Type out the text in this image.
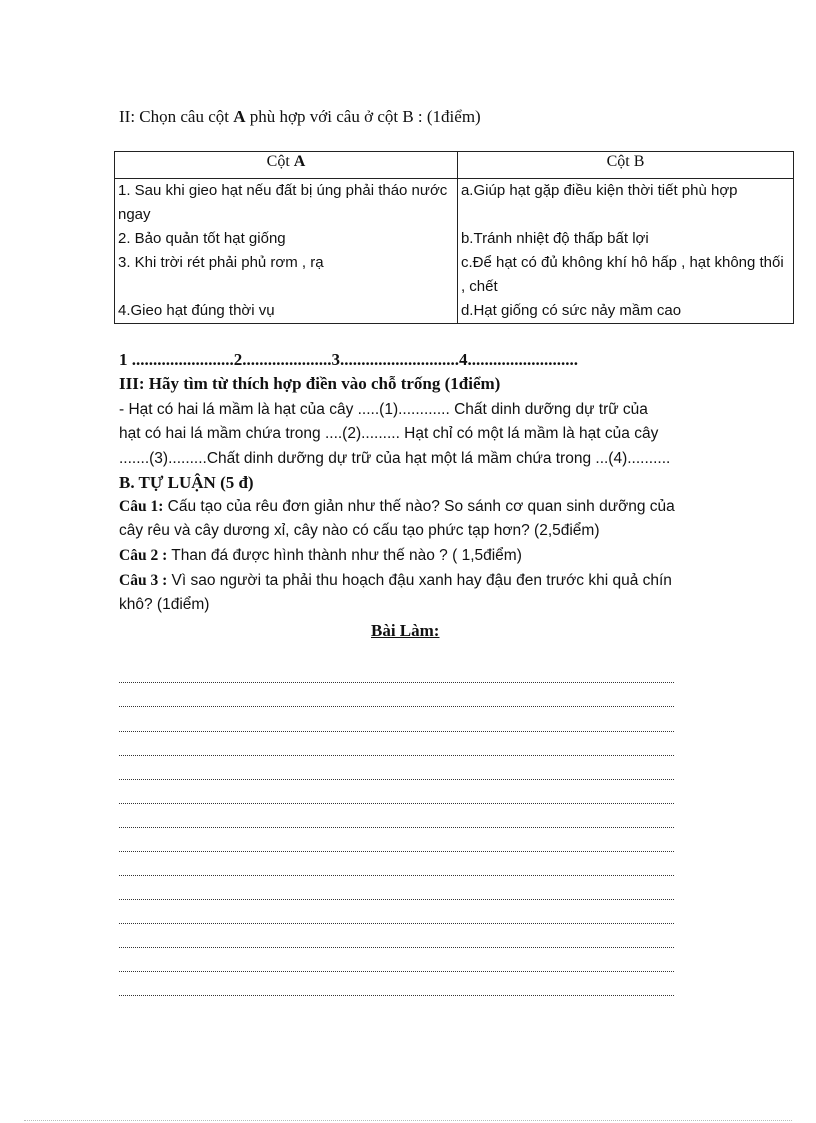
II: Chọn câu cột A phù hợp với câu ở cột B : (1điểm)
Cột A	Cột B

1. Sau khi gieo hạt nếu đất bị úng phải tháo nước ngay	a.Giúp hạt gặp điều kiện thời tiết phù hợp

2. Bảo quản tốt hạt giống	b.Tránh nhiệt độ thấp bất lợi

3. Khi trời rét phải phủ rơm , rạ	c.Để hạt có đủ không khí hô hấp , hạt không thối , chết

4.Gieo hạt đúng thời vụ	d.Hạt giống có sức nảy mầm cao
1 ........................2.....................3............................4..........................
III: Hãy tìm từ thích hợp điền vào chỗ trống (1điểm)
- Hạt có hai lá mầm là hạt của cây .....(1)............ Chất dinh dưỡng dự trữ của
hạt có hai lá mầm chứa trong ....(2)......... Hạt chỉ có một lá mầm là hạt của cây
.......(3).........Chất dinh dưỡng dự trữ của hạt một lá mầm chứa trong ...(4)..........
B. TỰ LUẬN (5 đ)
Câu 1: Cấu tạo của rêu đơn giản như thế nào? So sánh cơ quan sinh dưỡng của
cây rêu và cây dương xỉ, cây nào có cấu tạo phức tạp hơn? (2,5điểm)
Câu 2 : Than đá được hình thành như thế nào ? ( 1,5điểm)
Câu 3 : Vì sao người ta phải thu hoạch đậu xanh hay đậu đen trước khi quả chín
khô? (1điểm)
Bài Làm:
